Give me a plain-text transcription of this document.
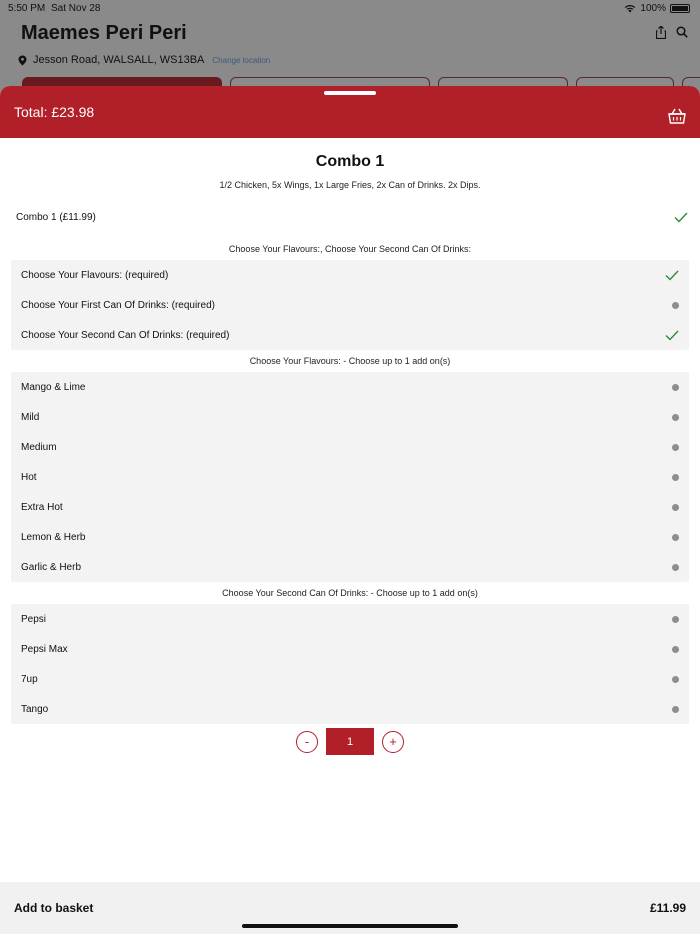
5:50 PM Sat Nov 28	100%
Maemes Peri Peri
Jesson Road, WALSALL, WS13BA Change location
Total: £23.98
Combo 1
1/2 Chicken, 5x Wings, 1x Large Fries, 2x Can of Drinks. 2x Dips.
Combo 1 (£11.99)
Choose Your Flavours:, Choose Your Second Can Of Drinks:
Choose Your Flavours: (required)
Choose Your First Can Of Drinks: (required)
Choose Your Second Can Of Drinks: (required)
Choose Your Flavours: - Choose up to 1 add on(s)
Mango & Lime
Mild
Medium
Hot
Extra Hot
Lemon & Herb
Garlic & Herb
Choose Your Second Can Of Drinks: - Choose up to 1 add on(s)
Pepsi
Pepsi Max
7up
Tango
-	1	+
Add to basket	£11.99
